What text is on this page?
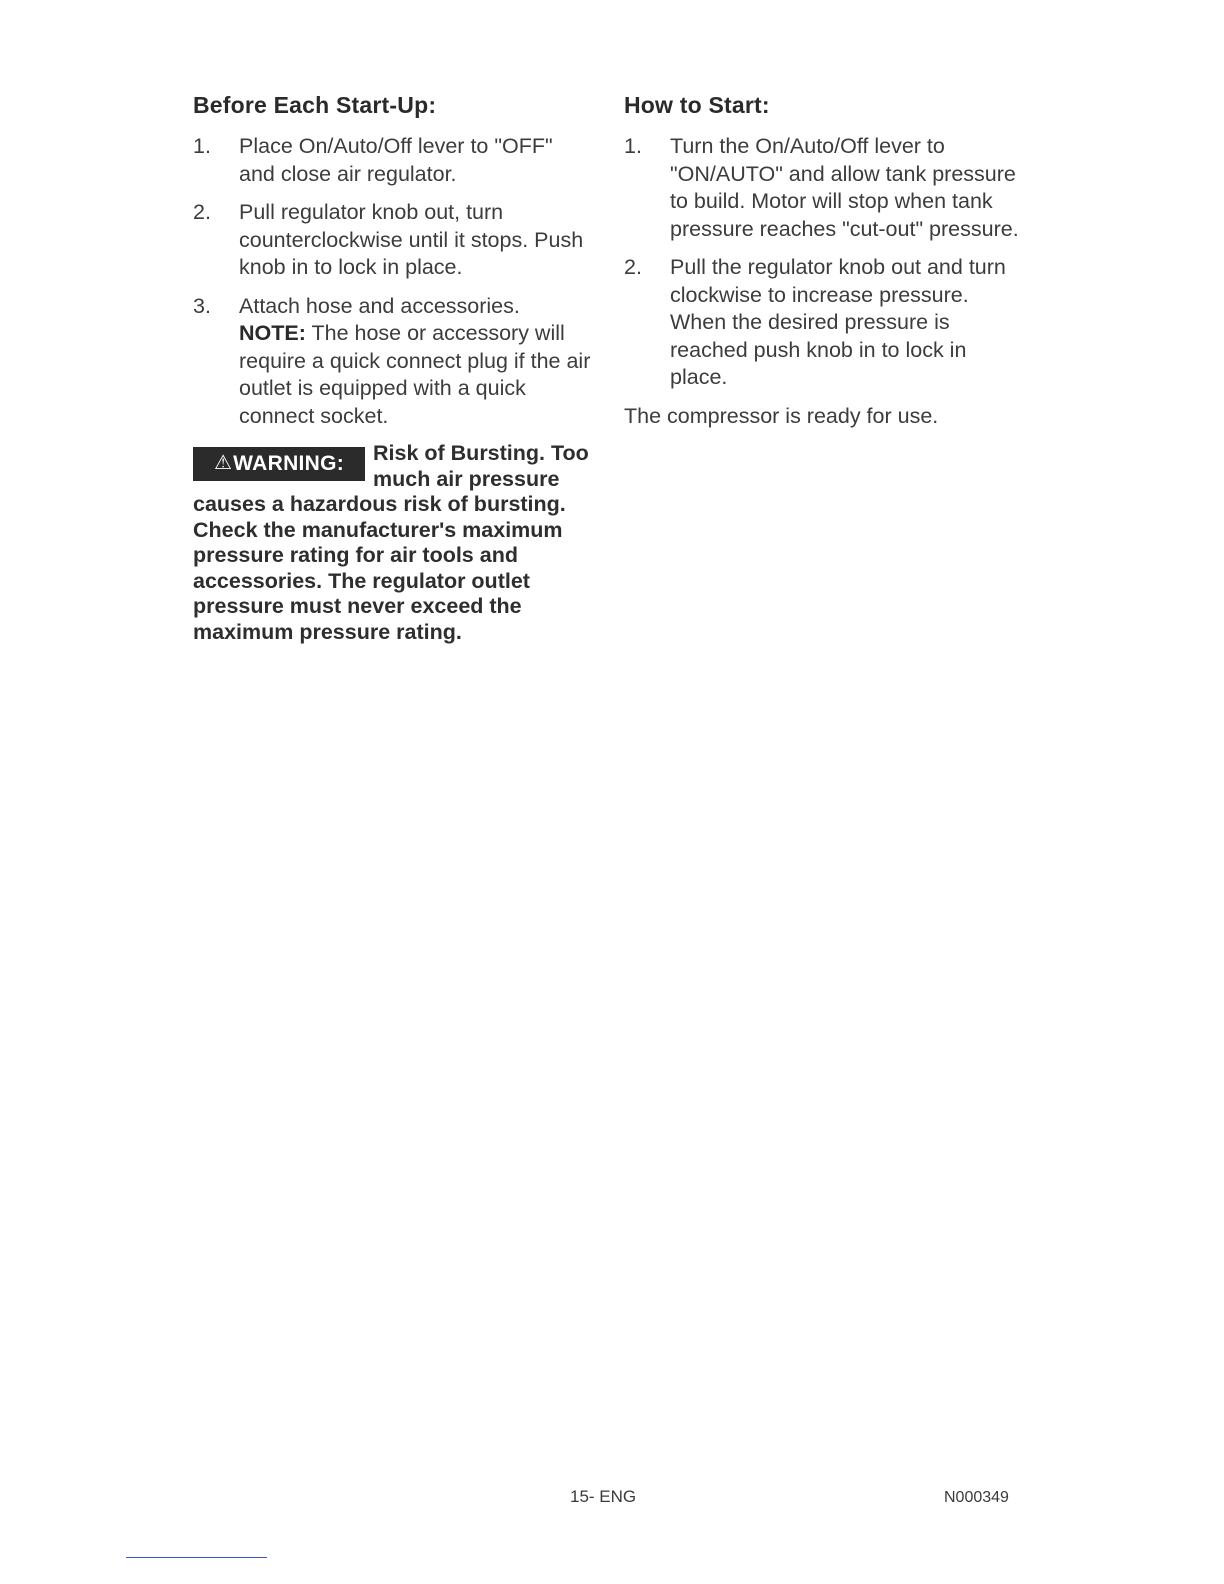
Before Each Start-Up:
1. Place On/Auto/Off lever to "OFF" and close air regulator.
2. Pull regulator knob out, turn counterclockwise until it stops. Push knob in to lock in place.
3. Attach hose and accessories.
NOTE: The hose or accessory will require a quick connect plug if the air outlet is equipped with a quick connect socket.
⚠ WARNING: Risk of Bursting. Too much air pressure causes a hazardous risk of bursting. Check the manufacturer's maximum pressure rating for air tools and accessories. The regulator outlet pressure must never exceed the maximum pressure rating.
How to Start:
1. Turn the On/Auto/Off lever to "ON/AUTO" and allow tank pressure to build. Motor will stop when tank pressure reaches "cut-out" pressure.
2. Pull the regulator knob out and turn clockwise to increase pressure. When the desired pressure is reached push knob in to lock in place.

The compressor is ready for use.

15- ENG	N000349
